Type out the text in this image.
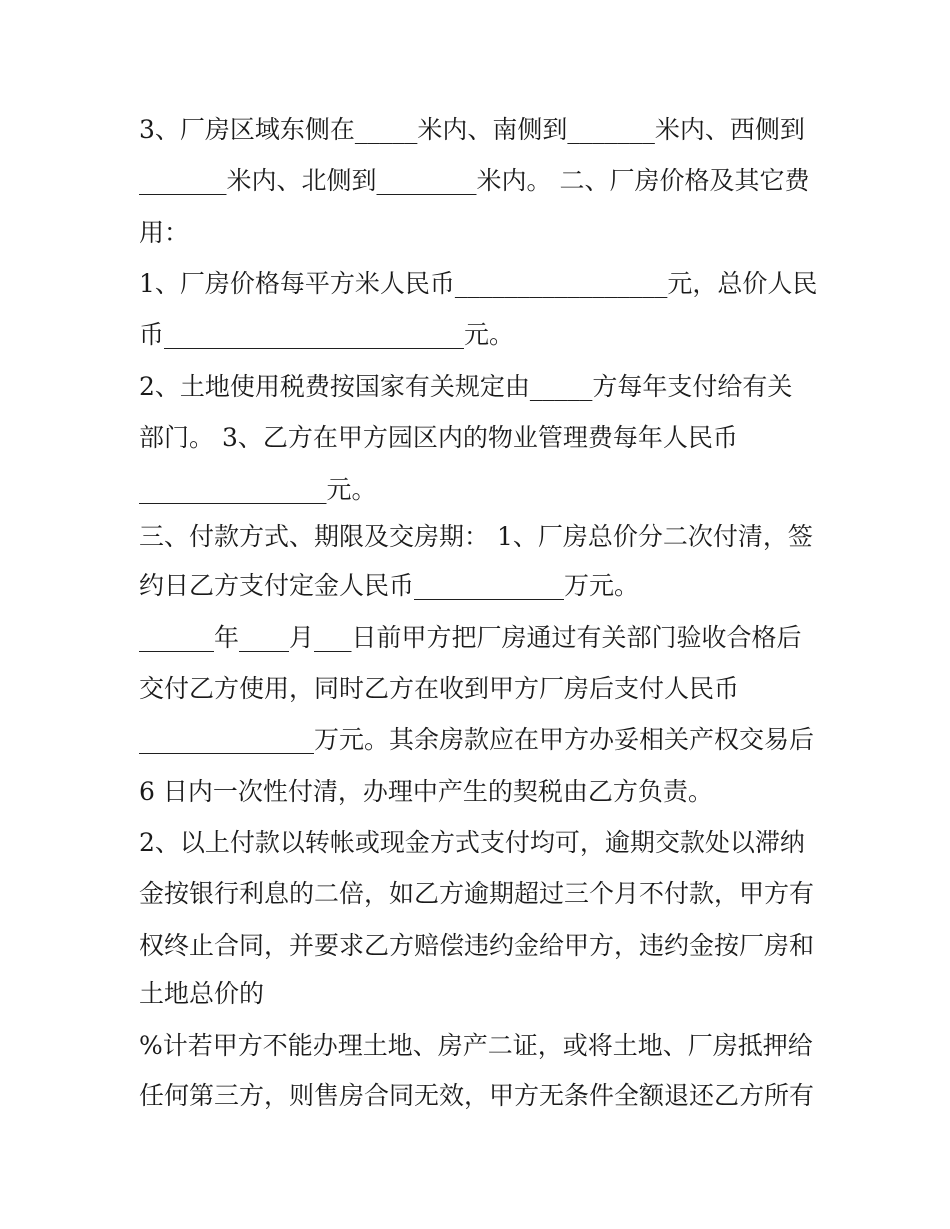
3、厂房区域东侧在_____米内、南侧到_______米内、西侧到
_______米内、北侧到________米内。 二、厂房价格及其它费
用：
1、厂房价格每平方米人民币_________________元，总价人民
币________________________元。
2、土地使用税费按国家有关规定由_____方每年支付给有关
部门。 3、乙方在甲方园区内的物业管理费每年人民币
_______________元。
三、付款方式、期限及交房期： 1、厂房总价分二次付清，签
约日乙方支付定金人民币____________万元。
______年____月___日前甲方把厂房通过有关部门验收合格后
交付乙方使用，同时乙方在收到甲方厂房后支付人民币
______________万元。其余房款应在甲方办妥相关产权交易后
6 日内一次性付清，办理中产生的契税由乙方负责。
2、以上付款以转帐或现金方式支付均可，逾期交款处以滞纳
金按银行利息的二倍，如乙方逾期超过三个月不付款，甲方有
权终止合同，并要求乙方赔偿违约金给甲方，违约金按厂房和
土地总价的
%计若甲方不能办理土地、房产二证，或将土地、厂房抵押给
任何第三方，则售房合同无效，甲方无条件全额退还乙方所有
